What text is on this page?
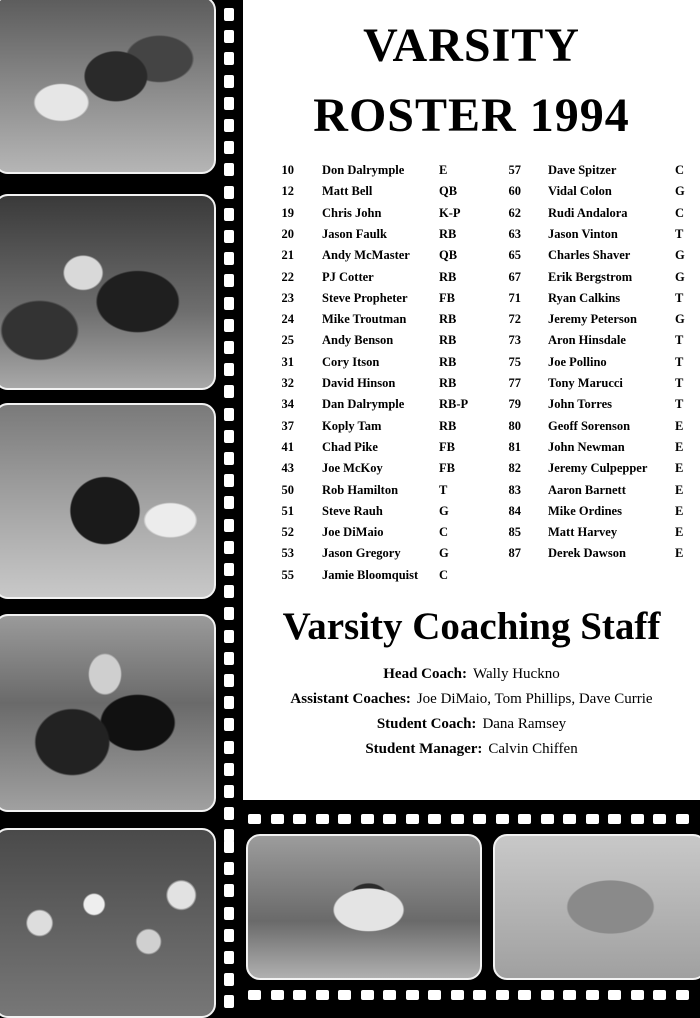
VARSITY
ROSTER 1994
10 Don Dalrymple	E
12 Matt Bell	QB
19 Chris John	K-P
20 Jason Faulk	RB
21 Andy McMaster QB
22 PJ Cotter	RB
23 Steve Propheter	FB
24 Mike Troutman	RB
25 Andy Benson	RB
31 Cory Itson	RB
32 David Hinson	RB
34 Dan Dalrymple	RB-P
37 Koply Tam	RB
41 Chad Pike	FB
43 Joe McKoy	FB
50 Rob Hamilton	T
51 Steve Rauh	G
52 Joe DiMaio	C
53 Jason Gregory	G
55 Jamie Bloomquist C
57 Dave Spitzer	C
60 Vidal Colon	G
62 Rudi Andalora	C
63 Jason Vinton	T
65 Charles Shaver	G
67 Erik Bergstrom	G
71 Ryan Calkins	T
72 Jeremy Peterson	G
73 Aron Hinsdale	T
75 Joe Pollino	T
77 Tony Marucci	T
79 John Torres	T
80 Geoff Sorenson	E
81 John Newman	E
82 Jeremy Culpepper E
83 Aaron Barnett	E
84 Mike Ordines	E
85 Matt Harvey	E
87 Derek Dawson	E
Varsity Coaching Staff
Head Coach: Wally Huckno
Assistant Coaches: Joe DiMaio, Tom Phillips, Dave Currie
Student Coach: Dana Ramsey
Student Manager: Calvin Chiffen
